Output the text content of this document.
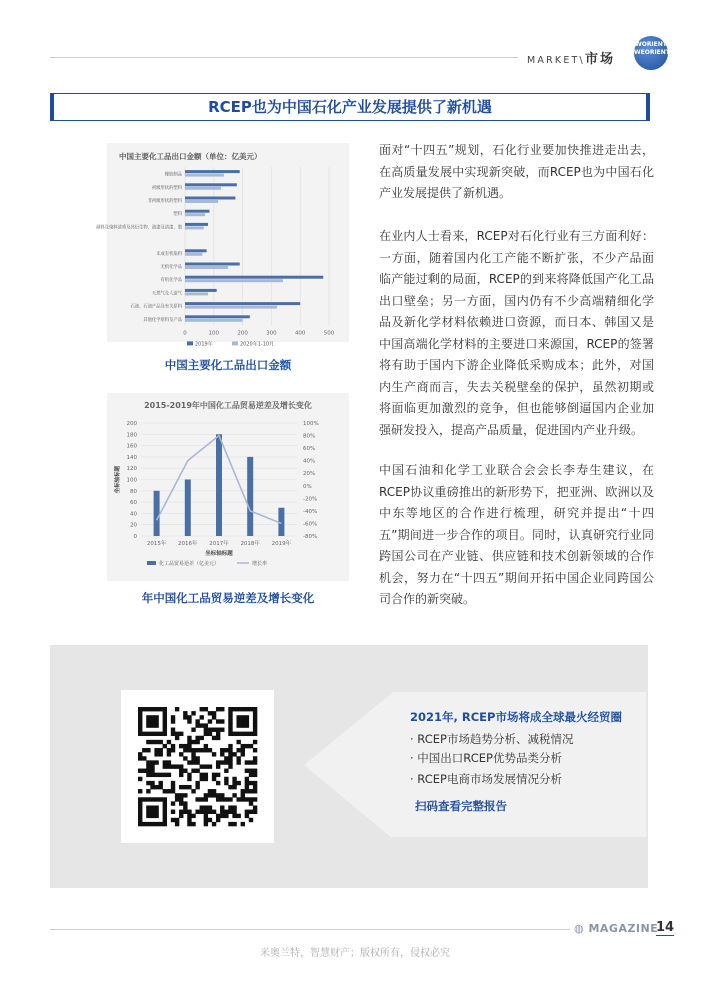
MARKET\市场
WORIENT WEORIENT
RCEP也为中国石化产业发展提供了新机遇
中国主要化工品出口金额（单位：亿美元）
0	100	200	300	400	500
橡胶制品
初级形状的塑料
非初级形状的塑料
塑料
颜料及染料清香及其衍生物、油漆及清漆、墨
未成有机染料
无机化学品
有机化学品
天然气及人造气
石油、石油产品及有关原料
其他化学原料及产品
2019年	2020年1-10月
中国主要化工品出口金额
2015-2019年中国化工品贸易逆差及增长变化
0
20
40
60
80
100
120
140
160
180
200
-80%
-60%
-40%
-20%
0%
20%
40%
60%
80%
100%
2015年 2016年 2017年 2018年 2019年
坐标轴标题
坐标轴标题
化工品贸易逆差（亿美元）	增长率
年中国化工品贸易逆差及增长变化
面对“十四五”规划，石化行业要加快推进走出去，在高质量发展中实现新突破，而RCEP也为中国石化产业发展提供了新机遇。
在业内人士看来，RCEP对石化行业有三方面利好：一方面，随着国内化工产能不断扩张，不少产品面临产能过剩的局面，RCEP的到来将降低国产化工品出口壁垒；另一方面，国内仍有不少高端精细化学品及新化学材料依赖进口资源，而日本、韩国又是中国高端化学材料的主要进口来源国，RCEP的签署将有助于国内下游企业降低采购成本；此外，对国内生产商而言，失去关税壁垒的保护，虽然初期或将面临更加激烈的竞争，但也能够倒逼国内企业加强研发投入，提高产品质量，促进国内产业升级。
中国石油和化学工业联合会会长李寿生建议，在RCEP协议重磅推出的新形势下，把亚洲、欧洲以及中东等地区的合作进行梳理，研究并提出“十四五”期间进一步合作的项目。同时，认真研究行业同跨国公司在产业链、供应链和技术创新领域的合作机会，努力在“十四五”期间开拓中国企业同跨国公司合作的新突破。
2021年, RCEP市场将成全球最火经贸圈
· RCEP市场趋势分析、减税情况
· 中国出口RCEP优势品类分析
· RCEP电商市场发展情况分析
扫码查看完整报告
◍ MAGAZINE
14
米奥兰特，智慧财产；版权所有，侵权必究
